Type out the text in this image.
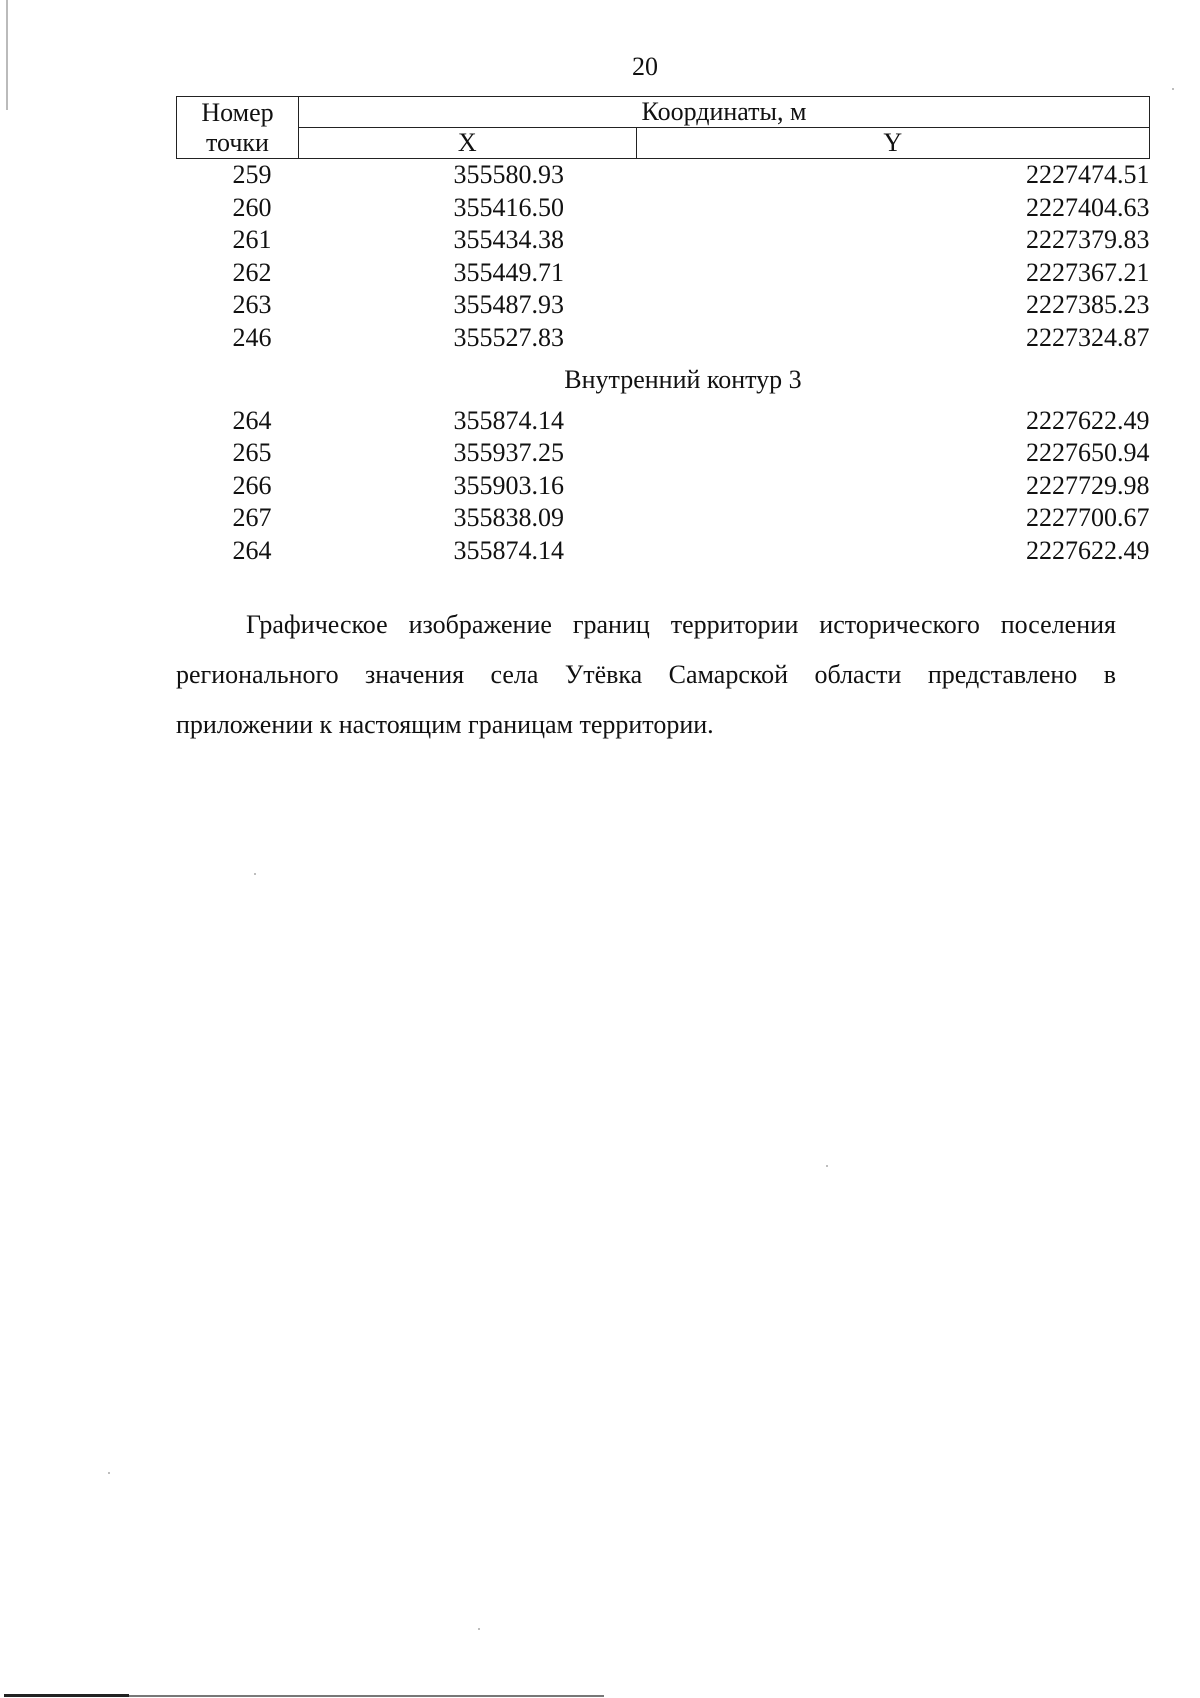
20
Номер
точки	Координаты, м	
	X	Y
259	355580.93	2227474.51
260	355416.50	2227404.63
261	355434.38	2227379.83
262	355449.71	2227367.21
263	355487.93	2227385.23
246	355527.83	2227324.87
Внутренний контур 3		
264	355874.14	2227622.49
265	355937.25	2227650.94
266	355903.16	2227729.98
267	355838.09	2227700.67
264	355874.14	2227622.49
Графическое изображение границ территории исторического поселения регионального значения села Утёвка Самарской области представлено в приложении к настоящим границам территории.
